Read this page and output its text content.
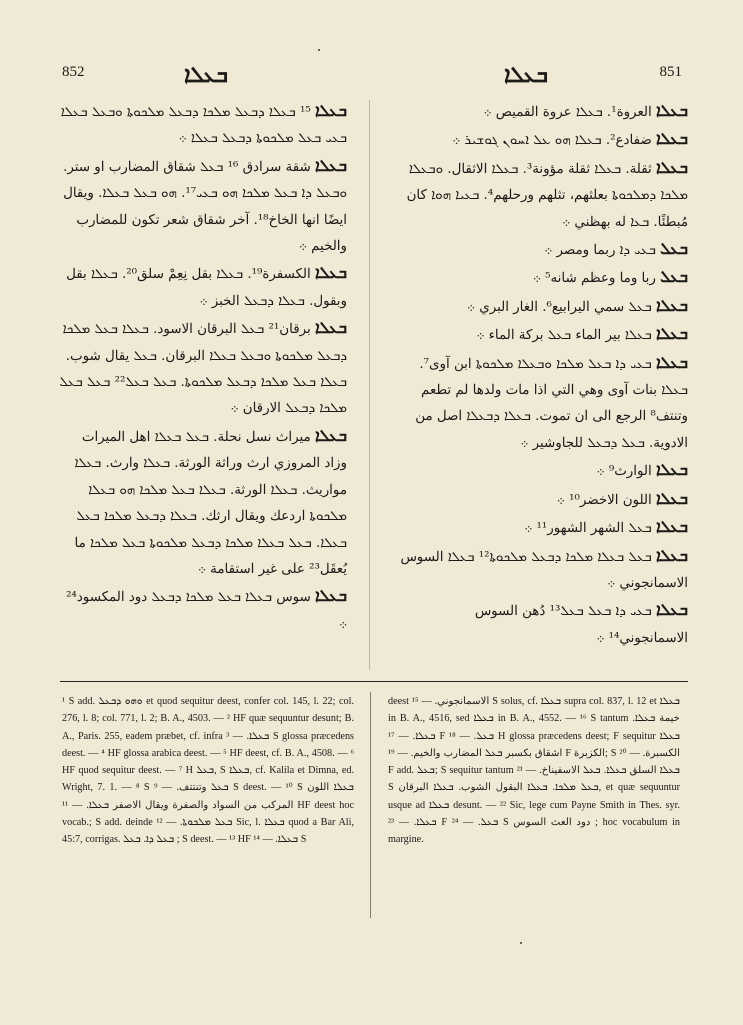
852	ܒܥܠܐ	ܒܥܠܐ	851

ܒܥܠܐ ¹⁵ ܒܥܠܐ ܕܒܥܠ ܡܠܟܐ ܕܒܥܠ ܡܠܟܘܬܐ ܘܒܥܠ ܒܥܠܐ ܒܥܝ ܒܥܠ ܡܠܟܘܬܐ ܕܒܥܠ ܒܥܠܐ ܀

ܒܥܠܐ شقة سرادق ¹⁶ ܒܥܠ شقاق المضارب او ستر. ܘܒܥܠ ܕܐ ܒܥܠ ܡܠܟܐ ܗܘ ܒܥܝ¹⁷. ܗܘ ܒܥܠ ܒܥܠܐ. ويقال ايضًا انها الخاخ¹⁸. آخر شقاق شعر تكون للمضارب والخيم ܀

ܒܥܠܐ الكسفرة¹⁹. ܒܥܠܐ بقل نِعِمْ سلق²⁰. ܒܥܠܐ بقل وبقول. ܒܥܠܐ ܕܒܥܠ الخبز ܀

ܒܥܠܐ برقان²¹ ܒܥܠ البرقان الاسود. ܒܥܠܐ ܒܥܠ ܡܠܟܐ ܕܒܥܠ ܡܠܟܘܬܐ ܘܒܥܠ ܒܥܠܐ البرقان. ܒܥܠ يقال شوب. ܒܥܠܐ ܒܥܠ ܡܠܟܐ ܕܒܥܠ ܡܠܟܘܬܐ. ܒܥܠ ܒܥܠ²² ܒܥܠ ܒܥܠ ܡܠܟܐ ܕܒܥܠ الارقان ܀

ܒܥܠܐ ميراث نسل نحلة. ܒܥܠ ܒܥܠܐ اهل الميرات وزاد المروزي ارث وراثة الورثة. ܒܥܠܐ وارث. ܒܥܠܐ مواريث. ܒܥܠܐ الورثة. ܒܥܠܐ ܒܥܠ ܡܠܟܐ ܗܘ ܒܥܠܐ ܡܠܟܘܬܐ اردعك ويقال ارثك. ܒܥܠܐ ܕܒܥܠ ܡܠܟܐ ܒܥܠ ܒܥܠܐ. ܒܥܠ ܒܥܠܐ ܡܠܟܐ ܕܒܥܠ ܡܠܟܘܬܐ ܒܥܠ ܡܠܟܐ ما يُعقَل²³ على غير استقامة ܀

ܒܥܠܐ سوس ܒܥܠܐ ܒܥܠ ܡܠܟܐ ܕܒܥܠ دود المكسود²⁴ ܀

ܒܥܠܐ العروة¹. ܒܥܠܐ عروة القميص ܀

ܒܥܠܐ ضفادع². ܒܥܠܐ ܗܘ ܥܠ ܐܚܘܢ ܓܘܫܝܪ ܀

ܒܥܠܐ ثقلة. ܒܥܠܐ ثقلة مؤونة³. ܒܥܠܐ الاثقال. ܘܒܥܠܐ ܡܠܟܐ ܕܡܠܟܘܬܐ بعلثهم، تثلهم ورحلهم⁴. ܒܥܝܐ ܗܘܐ كان مُبطئًا. ܒܥܐ له بهظني ܀

ܒܥܠ ܒܥܝ ܕܐ ربما ومصر ܀

ܒܥܠ ربا وما وعظم شانه⁵ ܀

ܒܥܠܐ ܒܥܠ سمي اليرابيع⁶. الغار البري ܀

ܒܥܠܐ ܒܥܠܐ بير الماء ܒܥܠ بركة الماء ܀

ܒܥܠܐ ܒܥܝ ܕܐ ܒܥܠ ܡܠܟܐ ܘܒܥܠܐ ܡܠܟܘܬܐ ابن آوى⁷. ܒܥܠܐ بنات آوى وهي التي اذا مات ولدها لم تطعم وتنتف⁸ الرجع الى ان تموت. ܒܥܠܐ ܕܒܥܠܐ اصل من الادوية. ܒܥܠ ܕܒܥܠ للجاوشير ܀

ܒܥܠܐ الوارث⁹ ܀

ܒܥܠܐ اللون الاخضر¹⁰ ܀

ܒܥܠܐ ܒܥܠ الشهر الشهور¹¹ ܀

ܒܥܠܐ ܒܥܠ ܒܥܠܐ ܡܠܟܐ ܕܒܥܠ ܡܠܟܘܬܐ¹² ܒܥܠܐ السوس الاسمانجوني ܀

ܒܥܠܐ ܒܥܝ ܕܐ ܒܥܠ ܒܥܠ¹³ دُهن السوس الاسمانجوني¹⁴ ܀

¹ S add. ܘܗܘ ܕܒܥܠ et quod sequitur deest, confer col. 145, l. 22; col. 276, l. 8; col. 771, l. 2; B. A., 4503. — ² HF quæ sequuntur desunt; B. A., Paris. 255, eadem præbet, cf. infra ܒܥܠܐ. — ³ S glossa præcedens deest. — ⁴ HF glossa arabica deest. — ⁵ HF deest, cf. B. A., 4508. — ⁶ HF quod sequitur deest. — ⁷ H ܒܥܠ, S ܒܥܠܐ, cf. Kalila et Dimna, ed. Wright, 7. 1. — ⁸ S ܒܥܠ وتنتتف. — ⁹ S deest. — ¹⁰ S ܒܥܠܐ اللون المركب من السواد والصفرة ويقال الاصفر ܒܥܠܐ. — ¹¹ HF deest hoc vocab.; S add. deinde ܒܥܠ ܡܠܟܘܬܐ. — ¹² Sic, l. ܒܥܠܐ quod a Bar Ali, 45:7, corrigas. ܒܥܠ ܕܐ. ܒܥܠ ; S deest. — ¹³ HF ܒܥܠܐ. — ¹⁴ S

deest الاسمانجوني. — ¹⁵ S solus, cf. ܒܥܠܐ supra col. 837, l. 12 et ܒܥܠܐ in B. A., 4516, sed ܒܥܠܐ in B. A., 4552. — ¹⁶ S tantum خيمة ܒܥܠܐ. ܒܥܠܐ. — ¹⁷ F ܒܥܠ. — ¹⁸ H glossa præcedens deest; F sequitur ܒܥܠܐ اشقاق بكسبر ܒܥܠ المضارب والخيم. — ¹⁹ F الكزبرة; S الكسبرة. — ²⁰ F add. ܒܥܠ; S sequitur tantum ܒܥܠܐ السلق ܒܥܠܐ. ܒܥܠ الاسفيناخ. — ²¹ S ܒܥܠ ܡܠܟܐ. ܒܥܠܐ البقول الشوب. ܒܥܠܐ البرقان, et quæ sequuntur usque ad ܒܥܠܐ desunt. — ²² Sic, lege cum Payne Smith in Thes. syr. ܒܥܠܐ. — ²³ F ܒܥܠ. — ²⁴ S دود العث السوس ; hoc vocabulum in margine.
